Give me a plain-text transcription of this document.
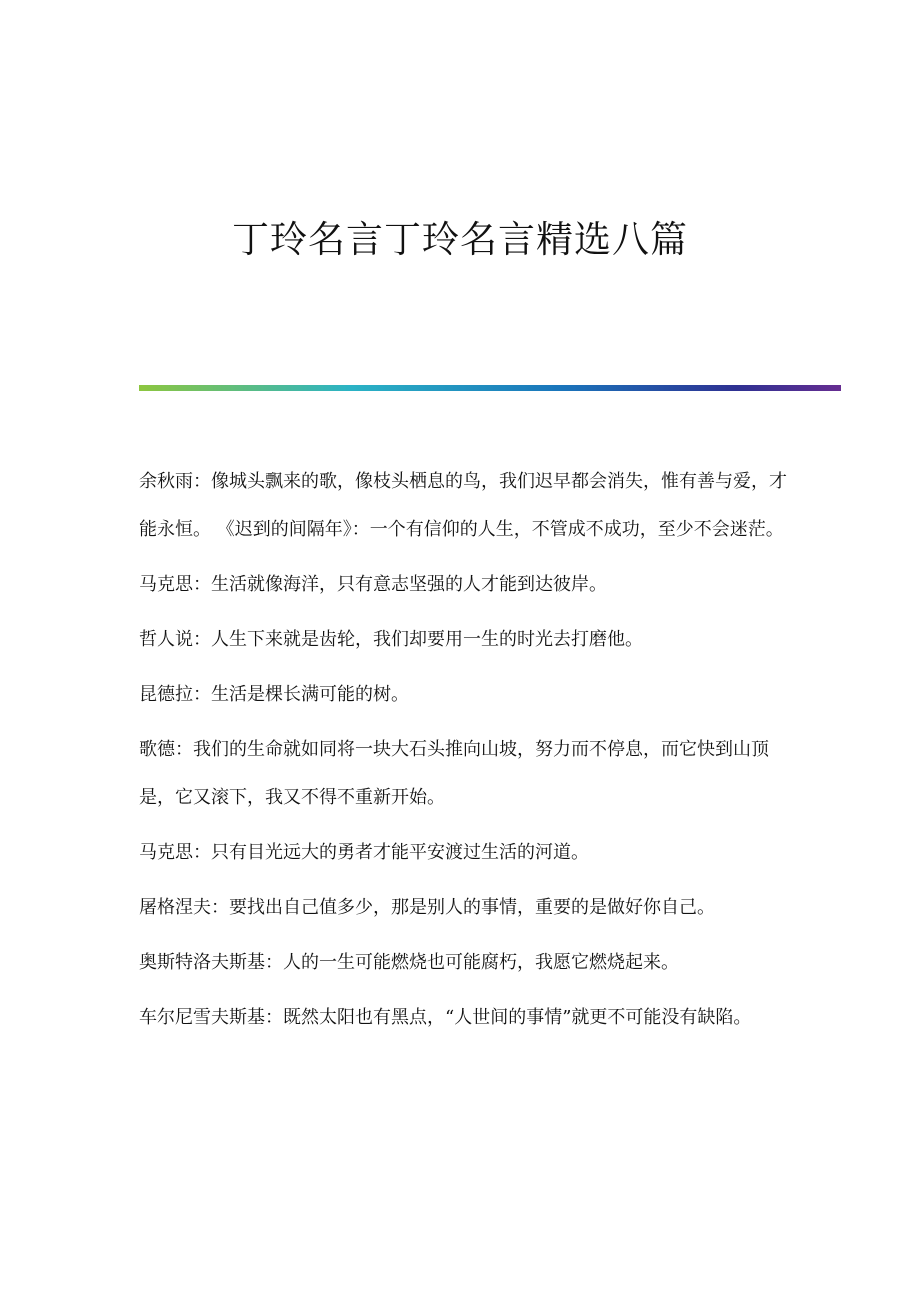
丁玲名言丁玲名言精选八篇

余秋雨：像城头飘来的歌，像枝头栖息的鸟，我们迟早都会消失，惟有善与爱，才能永恒。 《迟到的间隔年》：一个有信仰的人生，不管成不成功，至少不会迷茫。

马克思：生活就像海洋，只有意志坚强的人才能到达彼岸。

哲人说：人生下来就是齿轮，我们却要用一生的时光去打磨他。

昆德拉：生活是棵长满可能的树。

歌德：我们的生命就如同将一块大石头推向山坡，努力而不停息，而它快到山顶是，它又滚下，我又不得不重新开始。

马克思：只有目光远大的勇者才能平安渡过生活的河道。

屠格涅夫：要找出自己值多少，那是别人的事情，重要的是做好你自己。

奥斯特洛夫斯基：人的一生可能燃烧也可能腐朽，我愿它燃烧起来。

车尔尼雪夫斯基：既然太阳也有黑点，“人世间的事情”就更不可能没有缺陷。
